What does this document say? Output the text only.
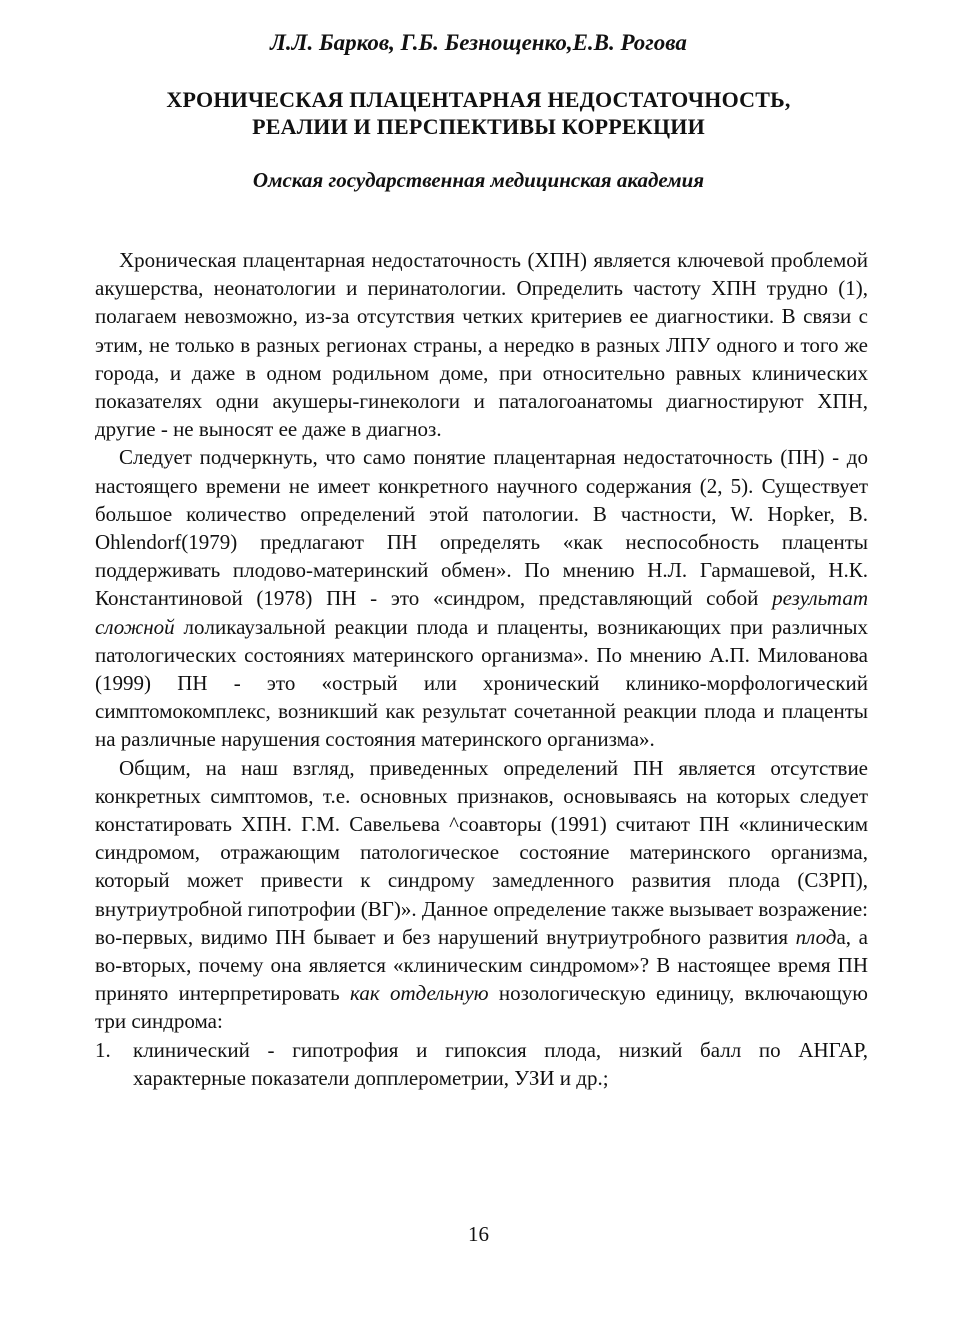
Л.Л. Барков, Г.Б. Безнощенко,Е.В. Рогова
ХРОНИЧЕСКАЯ ПЛАЦЕНТАРНАЯ НЕДОСТАТОЧНОСТЬ,
РЕАЛИИ И ПЕРСПЕКТИВЫ КОРРЕКЦИИ
Омская государственная медицинская академия

Хроническая плацентарная недостаточность (ХПН) является ключевой проблемой акушерства, неонатологии и перинатологии. Определить частоту ХПН трудно (1), полагаем невозможно, из-за отсутствия четких критериев ее диагностики. В связи с этим, не только в разных регионах страны, а нередко в разных ЛПУ одного и того же города, и даже в одном родильном доме, при относительно равных клинических показателях одни акушеры-гинекологи и паталогоанатомы диагностируют ХПН, другие - не выносят ее даже в диагноз.

Следует подчеркнуть, что само понятие плацентарная недостаточность (ПН) - до настоящего времени не имеет конкретного научного содержания (2, 5). Существует большое количество определений этой патологии. В частности, W. Hopker, B. Ohlendorf(1979) предлагают ПН определять «как неспособность плаценты поддерживать плодово-материнский обмен». По мнению Н.Л. Гармашевой, Н.К. Константиновой (1978) ПН - это «синдром, представляющий собой результат сложной лoликаузальной реакции плода и плаценты, возникающих при различных патологических состояниях материнского организма». По мнению А.П. Милованова (1999) ПН - это «острый или хронический клинико-морфологический симптомокомплекс, возникший как результат сочетанной реакции плода и плаценты на различные нарушения состояния материнского организма».

Общим, на наш взгляд, приведенных определений ПН является отсутствие конкретных симптомов, т.е. основных признаков, основываясь на которых следует констатировать ХПН. Г.М. Савельева ^соавторы (1991) считают ПН «клиническим синдромом, отражающим патологическое состояние материнского организма, который может привести к синдрому замедленного развития плода (СЗРП), внутриутробной гипотрофии (ВГ)». Данное определение также вызывает возражение: во-первых, видимо ПН бывает и без нарушений внутриутробного развития плода, а во-вторых, почему она является «клиническим синдромом»? В настоящее время ПН принято интерпретировать как отдельную нозологическую единицу, включающую три синдрома:

1.	клинический - гипотрофия и гипоксия плода, низкий балл по АНГАР, характерные показатели допплерометрии, УЗИ и др.;
16
